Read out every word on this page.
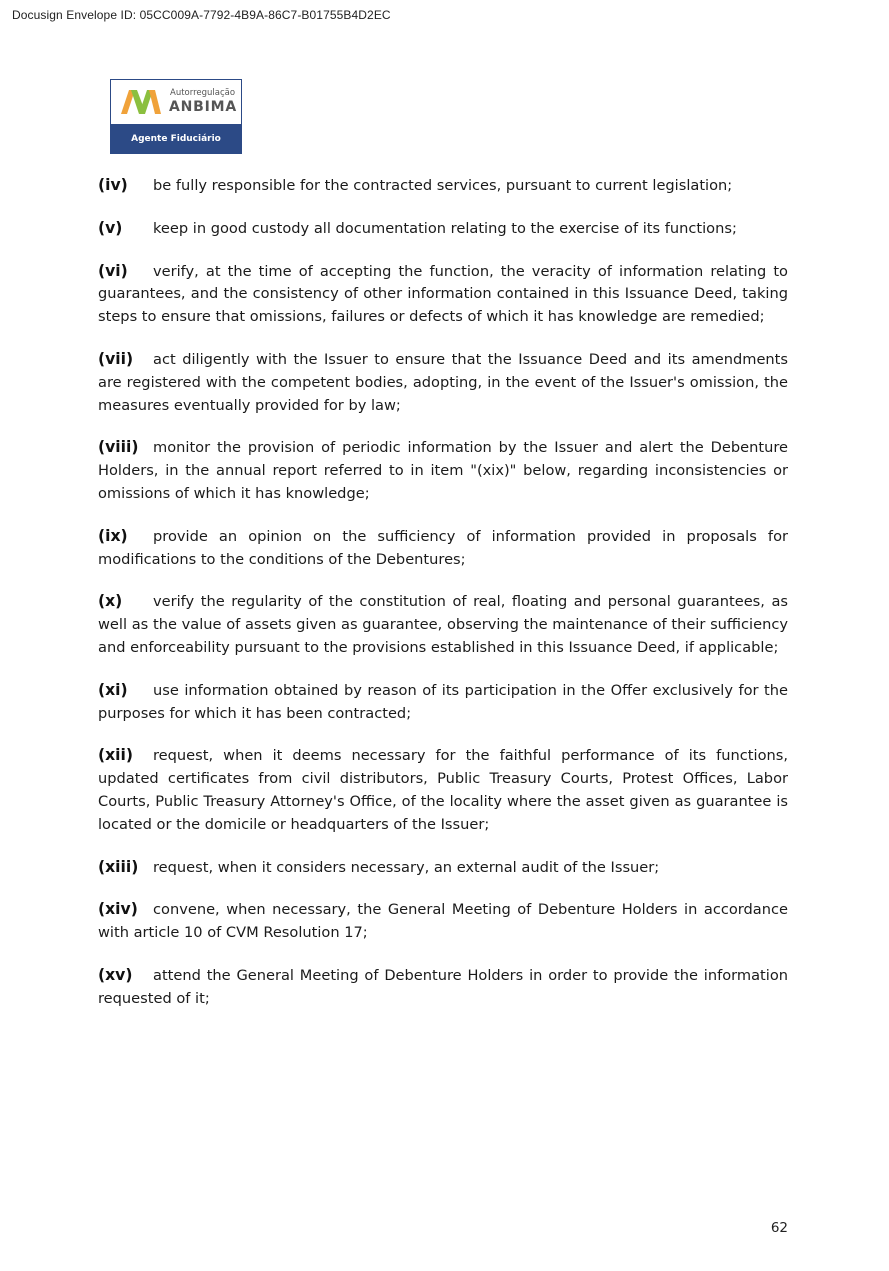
Docusign Envelope ID: 05CC009A-7792-4B9A-86C7-B01755B4D2EC
Autorregulação
ANBIMA
Agente Fiduciário
(iv) be fully responsible for the contracted services, pursuant to current legislation;
(v) keep in good custody all documentation relating to the exercise of its functions;
(vi) verify, at the time of accepting the function, the veracity of information relating to guarantees, and the consistency of other information contained in this Issuance Deed, taking steps to ensure that omissions, failures or defects of which it has knowledge are remedied;
(vii) act diligently with the Issuer to ensure that the Issuance Deed and its amendments are registered with the competent bodies, adopting, in the event of the Issuer's omission, the measures eventually provided for by law;
(viii) monitor the provision of periodic information by the Issuer and alert the Debenture Holders, in the annual report referred to in item "(xix)" below, regarding inconsistencies or omissions of which it has knowledge;
(ix) provide an opinion on the sufficiency of information provided in proposals for modifications to the conditions of the Debentures;
(x) verify the regularity of the constitution of real, floating and personal guarantees, as well as the value of assets given as guarantee, observing the maintenance of their sufficiency and enforceability pursuant to the provisions established in this Issuance Deed, if applicable;
(xi) use information obtained by reason of its participation in the Offer exclusively for the purposes for which it has been contracted;
(xii) request, when it deems necessary for the faithful performance of its functions, updated certificates from civil distributors, Public Treasury Courts, Protest Offices, Labor Courts, Public Treasury Attorney's Office, of the locality where the asset given as guarantee is located or the domicile or headquarters of the Issuer;
(xiii) request, when it considers necessary, an external audit of the Issuer;
(xiv) convene, when necessary, the General Meeting of Debenture Holders in accordance with article 10 of CVM Resolution 17;
(xv) attend the General Meeting of Debenture Holders in order to provide the information requested of it;
62
